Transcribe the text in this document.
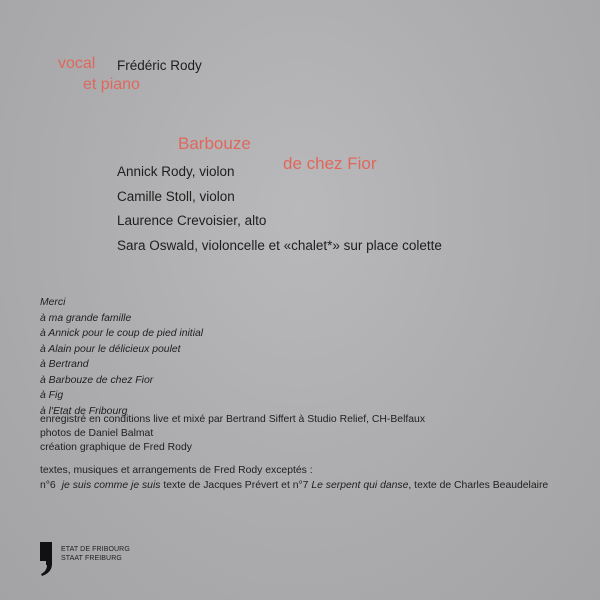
vocal
et piano
Frédéric Rody
Barbouze
de chez Fior
Annick Rody, violon
Camille Stoll, violon
Laurence Crevoisier, alto
Sara Oswald, violoncelle et «chalet*» sur place colette
Merci
à ma grande famille
à Annick pour le coup de pied initial
à Alain pour le délicieux poulet
à Bertrand
à Barbouze de chez Fior
à Fig
à l'Etat de Fribourg
enregistré en conditions live et mixé par Bertrand Siffert à Studio Relief, CH-Belfaux
photos de Daniel Balmat
création graphique de Fred Rody
textes, musiques et arrangements de Fred Rody exceptés :
n°6 je suis comme je suis texte de Jacques Prévert et n°7 Le serpent qui danse, texte de Charles Beaudelaire
ETAT DE FRIBOURG
STAAT FREIBURG
